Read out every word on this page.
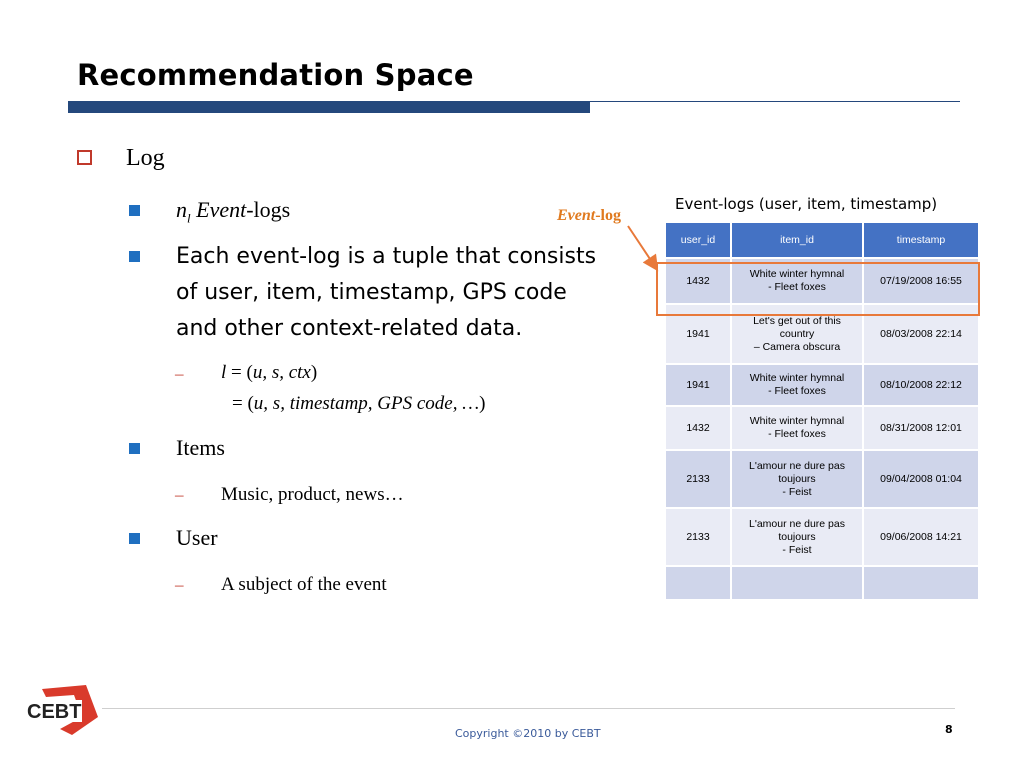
Recommendation Space
Log
$n_l$ Event-logs
Each event-log is a tuple that consists
of user, item, timestamp, GPS code
and other context-related data.
– l = (u, s, ctx)
= (u, s, timestamp, GPS code, …)
Items
– Music, product, news…
User
– A subject of the event
Event-logs (user, item, timestamp)
Event-log
user_id	item_id	timestamp
1432	White winter hymnal
- Fleet foxes	07/19/2008 16:55
1941	Let's get out of this
country
– Camera obscura	08/03/2008 22:14
1941	White winter hymnal
- Fleet foxes	08/10/2008 22:12
1432	White winter hymnal
- Fleet foxes	08/31/2008 12:01
2133	L'amour ne dure pas
toujours
- Feist	09/04/2008 01:04
2133	L'amour ne dure pas
toujours
- Feist	09/06/2008 14:21

CEBT
Copyright ©2010 by CEBT	8
